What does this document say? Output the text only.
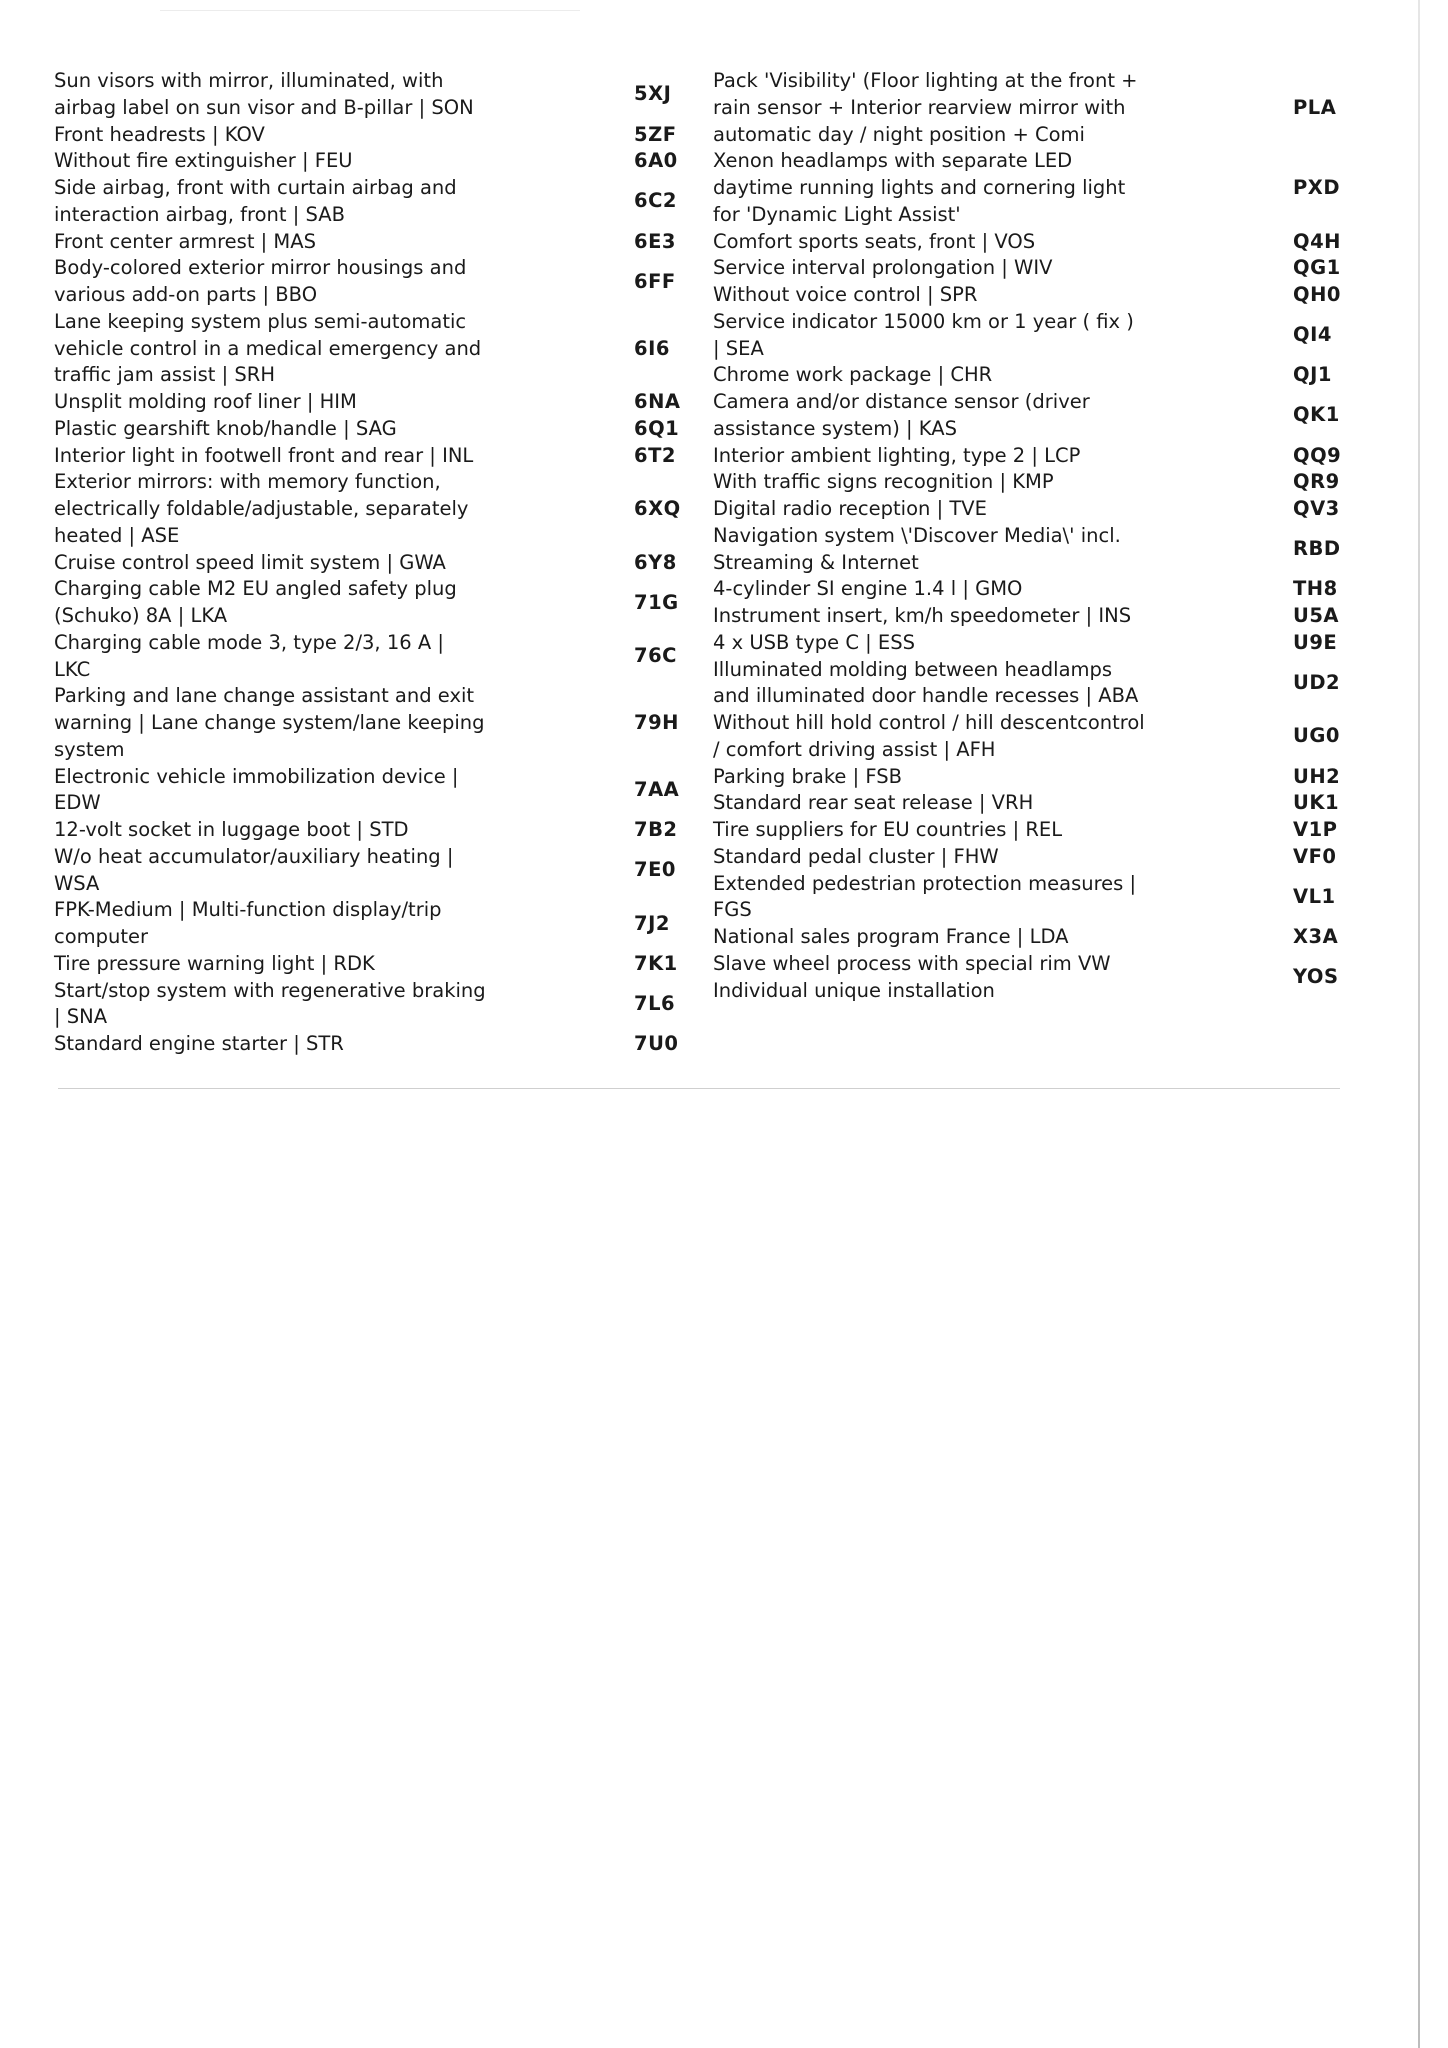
Sun visors with mirror, illuminated, with
airbag label on sun visor and B-pillar | SON
5XJ
Front headrests | KOV	5ZF
Without fire extinguisher | FEU	6A0
Side airbag, front with curtain airbag and
interaction airbag, front | SAB
6C2
Front center armrest | MAS	6E3
Body-colored exterior mirror housings and
various add-on parts | BBO
6FF
Lane keeping system plus semi-automatic
vehicle control in a medical emergency and
traffic jam assist | SRH
6I6
Unsplit molding roof liner | HIM	6NA
Plastic gearshift knob/handle | SAG	6Q1
Interior light in footwell front and rear | INL	6T2
Exterior mirrors: with memory function,
electrically foldable/adjustable, separately
heated | ASE
6XQ
Cruise control speed limit system | GWA	6Y8
Charging cable M2 EU angled safety plug
(Schuko) 8A | LKA
71G
Charging cable mode 3, type 2/3, 16 A |
LKC
76C
Parking and lane change assistant and exit
warning | Lane change system/lane keeping
system
79H
Electronic vehicle immobilization device |
EDW
7AA
12-volt socket in luggage boot | STD	7B2
W/o heat accumulator/auxiliary heating |
WSA
7E0
FPK-Medium | Multi-function display/trip
computer
7J2
Tire pressure warning light | RDK	7K1
Start/stop system with regenerative braking
| SNA
7L6
Standard engine starter | STR	7U0
Pack 'Visibility' (Floor lighting at the front +
rain sensor + Interior rearview mirror with
automatic day / night position + Comi
PLA
Xenon headlamps with separate LED
daytime running lights and cornering light
for 'Dynamic Light Assist'
PXD
Comfort sports seats, front | VOS	Q4H
Service interval prolongation | WIV	QG1
Without voice control | SPR	QH0
Service indicator 15000 km or 1 year ( fix )
| SEA
QI4
Chrome work package | CHR	QJ1
Camera and/or distance sensor (driver
assistance system) | KAS
QK1
Interior ambient lighting, type 2 | LCP	QQ9
With traffic signs recognition | KMP	QR9
Digital radio reception | TVE	QV3
Navigation system \'Discover Media\' incl.
Streaming & Internet
RBD
4-cylinder SI engine 1.4 l | GMO	TH8
Instrument insert, km/h speedometer | INS	U5A
4 x USB type C | ESS	U9E
Illuminated molding between headlamps
and illuminated door handle recesses | ABA
UD2
Without hill hold control / hill descentcontrol
/ comfort driving assist | AFH
UG0
Parking brake | FSB	UH2
Standard rear seat release | VRH	UK1
Tire suppliers for EU countries | REL	V1P
Standard pedal cluster | FHW	VF0
Extended pedestrian protection measures |
FGS
VL1
National sales program France | LDA	X3A
Slave wheel process with special rim VW
Individual unique installation
YOS
